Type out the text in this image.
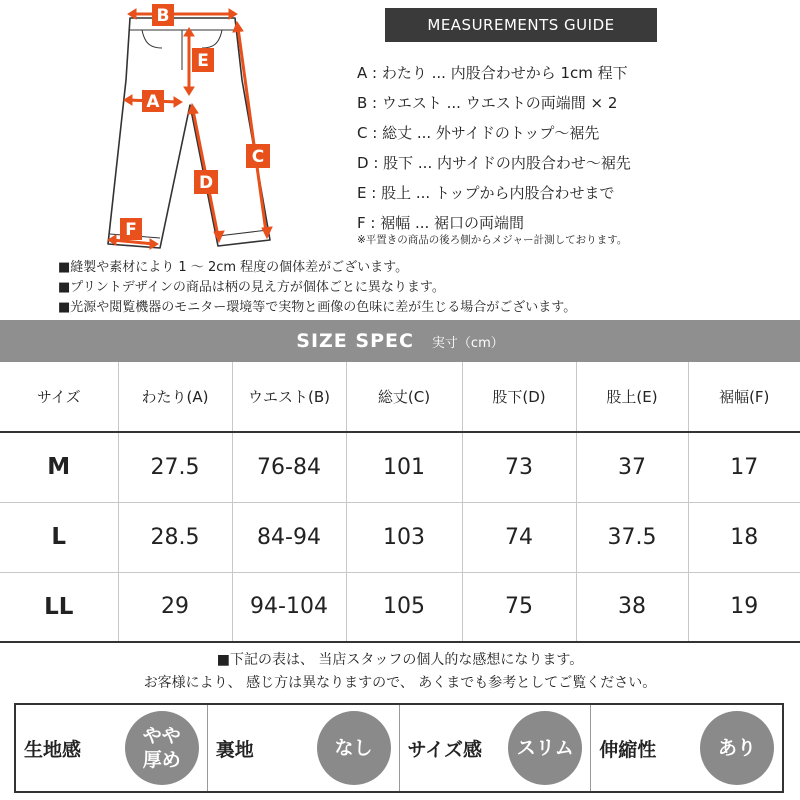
B
E
A
C
D
F
MEASUREMENTS GUIDE
A : わたり ... 内股合わせから 1cm 程下
B : ウエスト ... ウエストの両端間 × 2
C : 総丈 ... 外サイドのトップ～裾先
D : 股下 ... 内サイドの内股合わせ～裾先
E : 股上 ... トップから内股合わせまで
F : 裾幅 ... 裾口の両端間
※平置きの商品の後ろ側からメジャー計測しております。
■縫製や素材により 1 ～ 2cm 程度の個体差がございます。
■プリントデザインの商品は柄の見え方が個体ごとに異なります。
■光源や閲覧機器のモニター環境等で実物と画像の色味に差が生じる場合がございます。
SIZE SPEC 実寸（cm）
サイズ	わたり(A)	ウエスト(B)	総丈(C)	股下(D)	股上(E)	裾幅(F)
M	27.5	76-84	101	73	37	17
L	28.5	84-94	103	74	37.5	18
LL	29	94-104	105	75	38	19
■下記の表は、 当店スタッフの個人的な感想になります。
お客様により、 感じ方は異なりますので、 あくまでも参考としてご覧ください。
生地感
やや
厚め 裏地	なし サイズ感 スリム 伸縮性	あり
